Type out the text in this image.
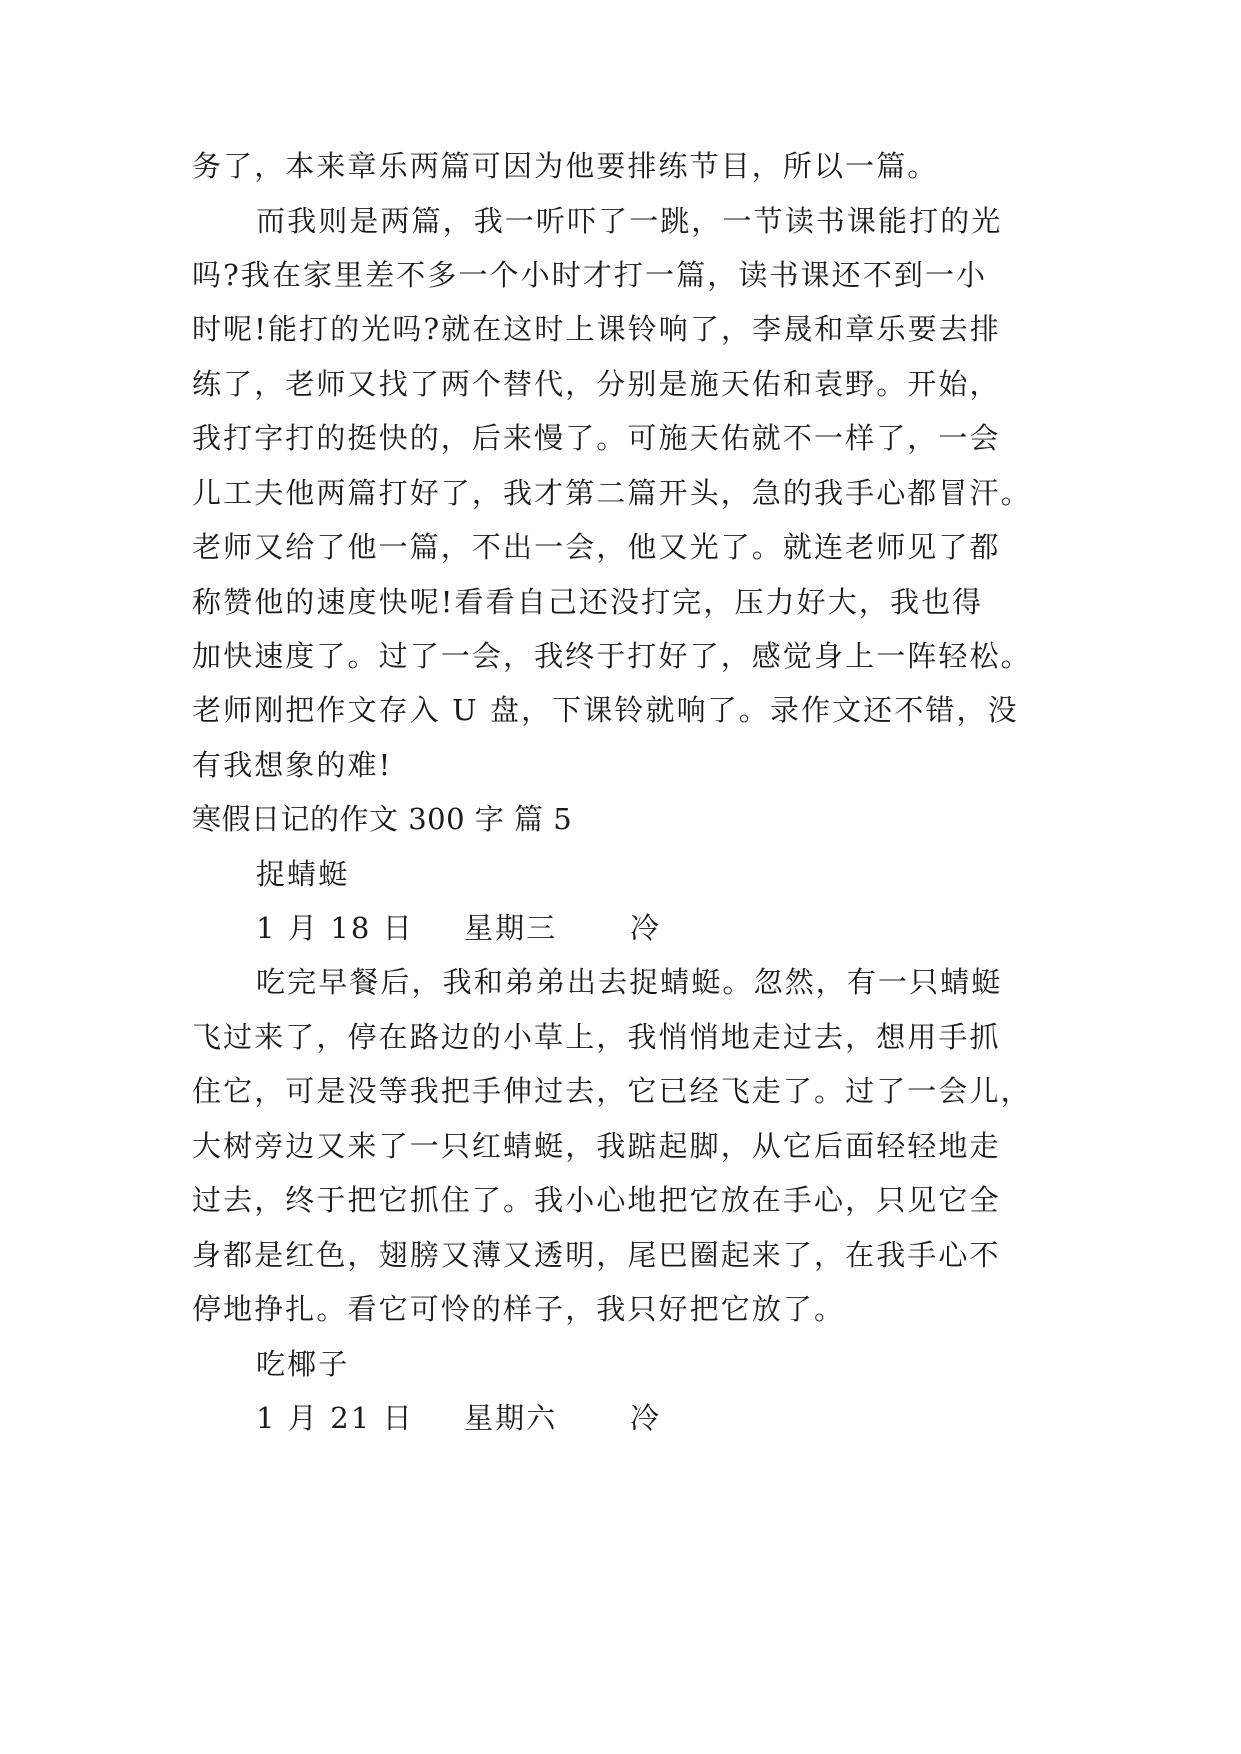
务了，本来章乐两篇可因为他要排练节目，所以一篇。
而我则是两篇，我一听吓了一跳，一节读书课能打的光
吗?我在家里差不多一个小时才打一篇，读书课还不到一小
时呢!能打的光吗?就在这时上课铃响了，李晟和章乐要去排
练了，老师又找了两个替代，分别是施天佑和袁野。开始，
我打字打的挺快的，后来慢了。可施天佑就不一样了，一会
儿工夫他两篇打好了，我才第二篇开头，急的我手心都冒汗。
老师又给了他一篇，不出一会，他又光了。就连老师见了都
称赞他的速度快呢!看看自己还没打完，压力好大，我也得
加快速度了。过了一会，我终于打好了，感觉身上一阵轻松。
老师刚把作文存入 U 盘，下课铃就响了。录作文还不错，没
有我想象的难!
寒假日记的作文 300 字 篇 5
捉蜻蜓
1 月 18 日 星期三	冷
吃完早餐后，我和弟弟出去捉蜻蜓。忽然，有一只蜻蜓
飞过来了，停在路边的小草上，我悄悄地走过去，想用手抓
住它，可是没等我把手伸过去，它已经飞走了。过了一会儿，
大树旁边又来了一只红蜻蜓，我踮起脚，从它后面轻轻地走
过去，终于把它抓住了。我小心地把它放在手心，只见它全
身都是红色，翅膀又薄又透明，尾巴圈起来了，在我手心不
停地挣扎。看它可怜的样子，我只好把它放了。
吃椰子
1 月 21 日 星期六	冷
